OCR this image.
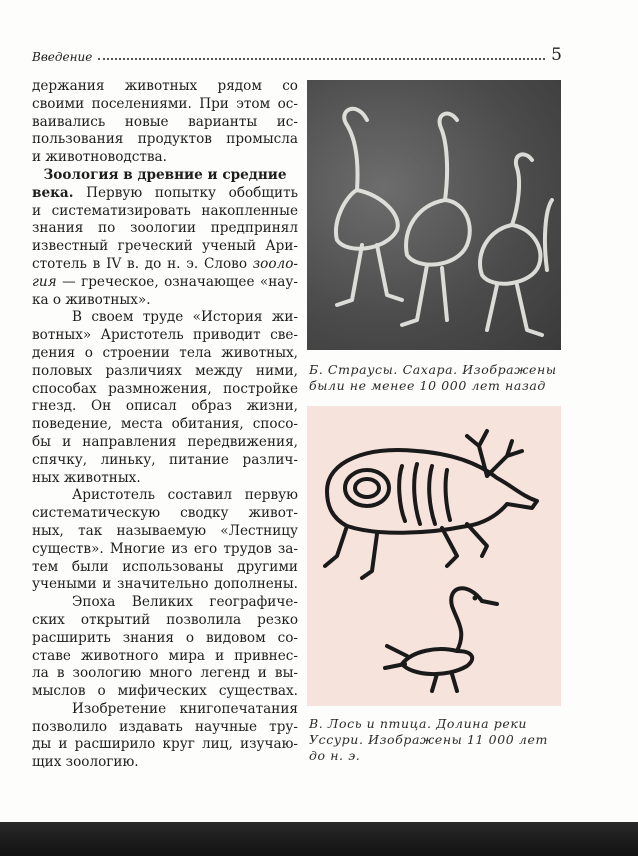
Введение	5
держания животных рядом со
своими поселениями. При этом ос-
ваивались новые варианты ис-
пользования продуктов промысла
и животноводства.
Зоология в древние и средние
века. Первую попытку обобщить
и систематизировать накопленные
знания по зоологии предпринял
известный греческий ученый Ари-
стотель в IV в. до н. э. Слово зооло-
гия — греческое, означающее «нау-
ка о животных».
В своем труде «История жи-
вотных» Аристотель приводит све-
дения о строении тела животных,
половых различиях между ними,
способах размножения, постройке
гнезд. Он описал образ жизни,
поведение, места обитания, спосо-
бы и направления передвижения,
спячку, линьку, питание различ-
ных животных.
Аристотель составил первую
систематическую сводку живот-
ных, так называемую «Лестницу
существ». Многие из его трудов за-
тем были использованы другими
учеными и значительно дополнены.
Эпоха Великих географиче-
ских открытий позволила резко
расширить знания о видовом со-
ставе животного мира и привнес-
ла в зоологию много легенд и вы-
мыслов о мифических существах.
Изобретение книгопечатания
позволило издавать научные тру-
ды и расширило круг лиц, изучаю-
щих зоологию.
Б. Страусы. Сахара. Изображены
были не менее 10 000 лет назад
В. Лось и птица. Долина реки
Уссури. Изображены 11 000 лет
до н. э.
